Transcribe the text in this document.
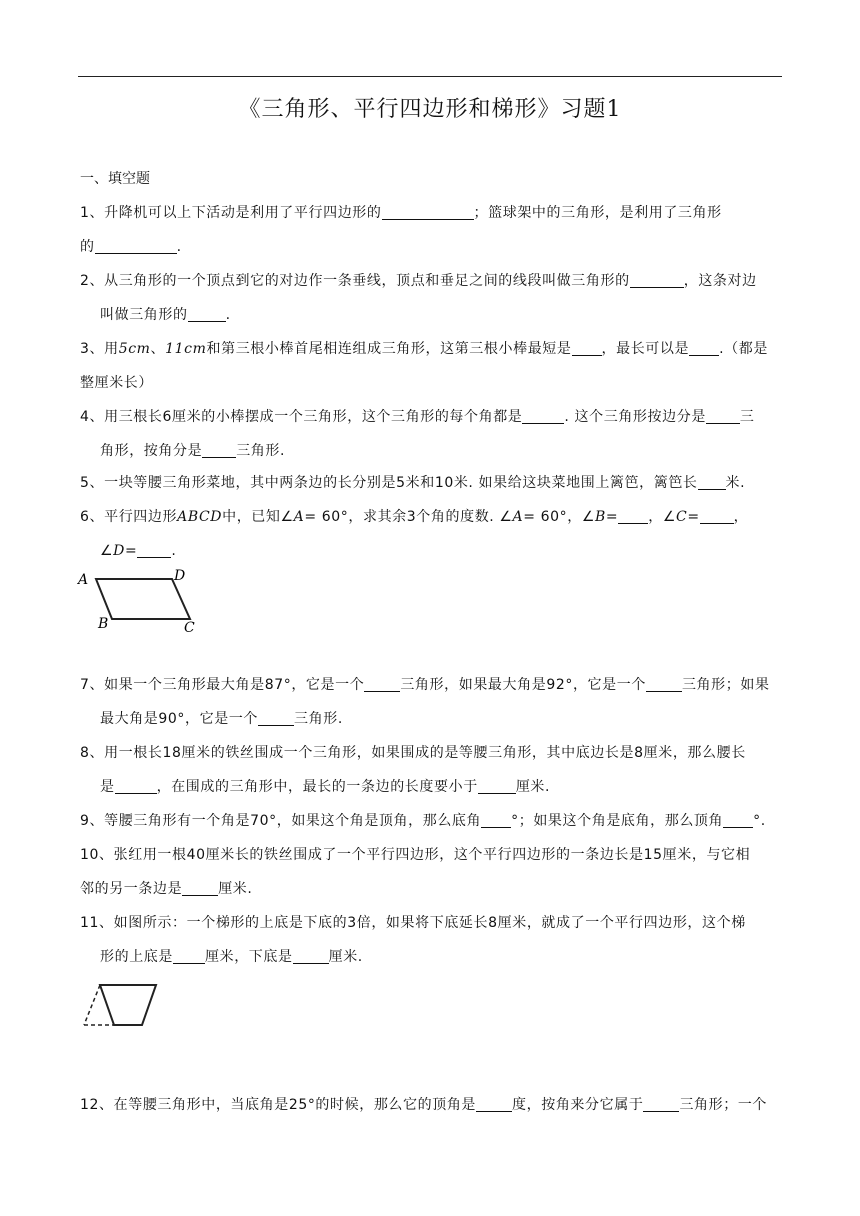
《三角形、平行四边形和梯形》习题1
一、填空题
1、升降机可以上下活动是利用了平行四边形的	；篮球架中的三角形，是利用了三角形
的	.
2、从三角形的一个顶点到它的对边作一条垂线，顶点和垂足之间的线段叫做三角形的	，这条对边
叫做三角形的	.
3、用5cm、11cm和第三根小棒首尾相连组成三角形，这第三根小棒最短是 ，最长可以是 .（都是
整厘米长）
4、用三根长6厘米的小棒摆成一个三角形，这个三角形的每个角都是	. 这个三角形按边分是 三
角形，按角分是 三角形.
5、一块等腰三角形菜地，其中两条边的长分别是5米和10米. 如果给这块菜地围上篱笆，篱笆长 米.
6、平行四边形ABCD中，已知∠A= 60°，求其余3个角的度数. ∠A= 60°，∠B= ，∠C= ，
∠D= .
A	D
B	C
7、如果一个三角形最大角是87°，它是一个	三角形，如果最大角是92°，它是一个	三角形；如果
最大角是90°，它是一个	三角形.
8、用一根长18厘米的铁丝围成一个三角形，如果围成的是等腰三角形，其中底边长是8厘米，那么腰长
是	，在围成的三角形中，最长的一条边的长度要小于	厘米.
9、等腰三角形有一个角是70°，如果这个角是顶角，那么底角 °；如果这个角是底角，那么顶角 °.
10、张红用一根40厘米长的铁丝围成了一个平行四边形，这个平行四边形的一条边长是15厘米，与它相
邻的另一条边是	厘米.
11、如图所示：一个梯形的上底是下底的3倍，如果将下底延长8厘米，就成了一个平行四边形，这个梯
形的上底是 厘米，下底是	厘米.
12、在等腰三角形中，当底角是25°的时候，那么它的顶角是	度，按角来分它属于	三角形；一个
